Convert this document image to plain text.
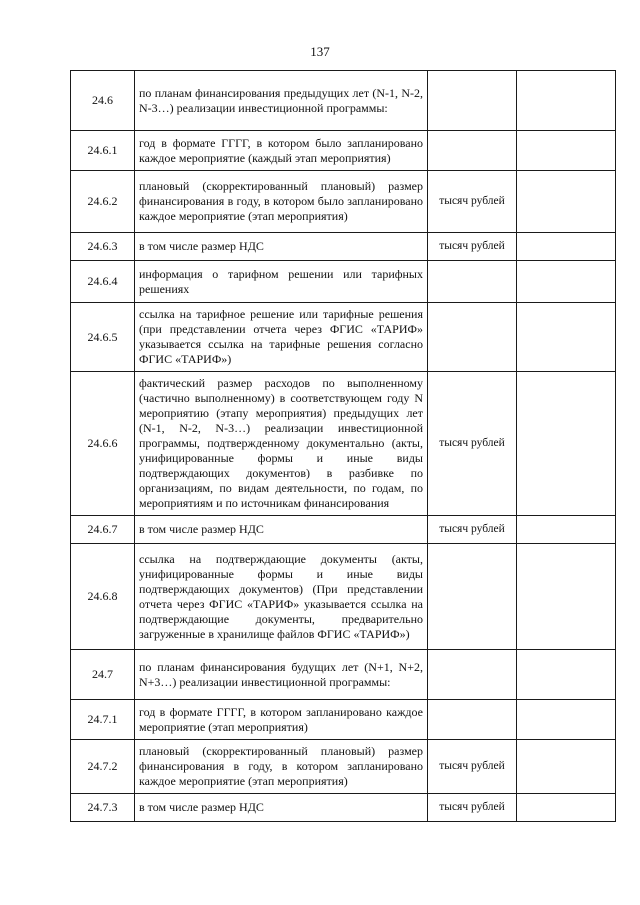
137
24.6	по планам финансирования предыдущих лет (N-1, N-2, N-3…) реализации инвестиционной программы:		
24.6.1	год в формате ГГГГ, в котором было запланировано каждое мероприятие (каждый этап мероприятия)		
24.6.2	плановый (скорректированный плановый) размер финансирования в году, в котором было запланировано каждое мероприятие (этап мероприятия)	тысяч рублей	
24.6.3	в том числе размер НДС	тысяч рублей	
24.6.4	информация о тарифном решении или тарифных решениях		
24.6.5	ссылка на тарифное решение или тарифные решения (при представлении отчета через ФГИС «ТАРИФ» указывается ссылка на тарифные решения согласно ФГИС «ТАРИФ»)		
24.6.6	фактический размер расходов по выполненному (частично выполненному) в соответствующем году N мероприятию (этапу мероприятия) предыдущих лет (N-1, N-2, N-3…) реализации инвестиционной программы, подтвержденному документально (акты, унифицированные формы и иные виды подтверждающих документов) в разбивке по организациям, по видам деятельности, по годам, по мероприятиям и по источникам финансирования	тысяч рублей	
24.6.7	в том числе размер НДС	тысяч рублей	
24.6.8	ссылка на подтверждающие документы (акты, унифицированные формы и иные виды подтверждающих документов) (При представлении отчета через ФГИС «ТАРИФ» указывается ссылка на подтверждающие документы, предварительно загруженные в хранилище файлов ФГИС «ТАРИФ»)		
24.7	по планам финансирования будущих лет (N+1, N+2, N+3…) реализации инвестиционной программы:		
24.7.1	год в формате ГГГГ, в котором запланировано каждое мероприятие (этап мероприятия)		
24.7.2	плановый (скорректированный плановый) размер финансирования в году, в котором запланировано каждое мероприятие (этап мероприятия)	тысяч рублей	
24.7.3	в том числе размер НДС	тысяч рублей	
